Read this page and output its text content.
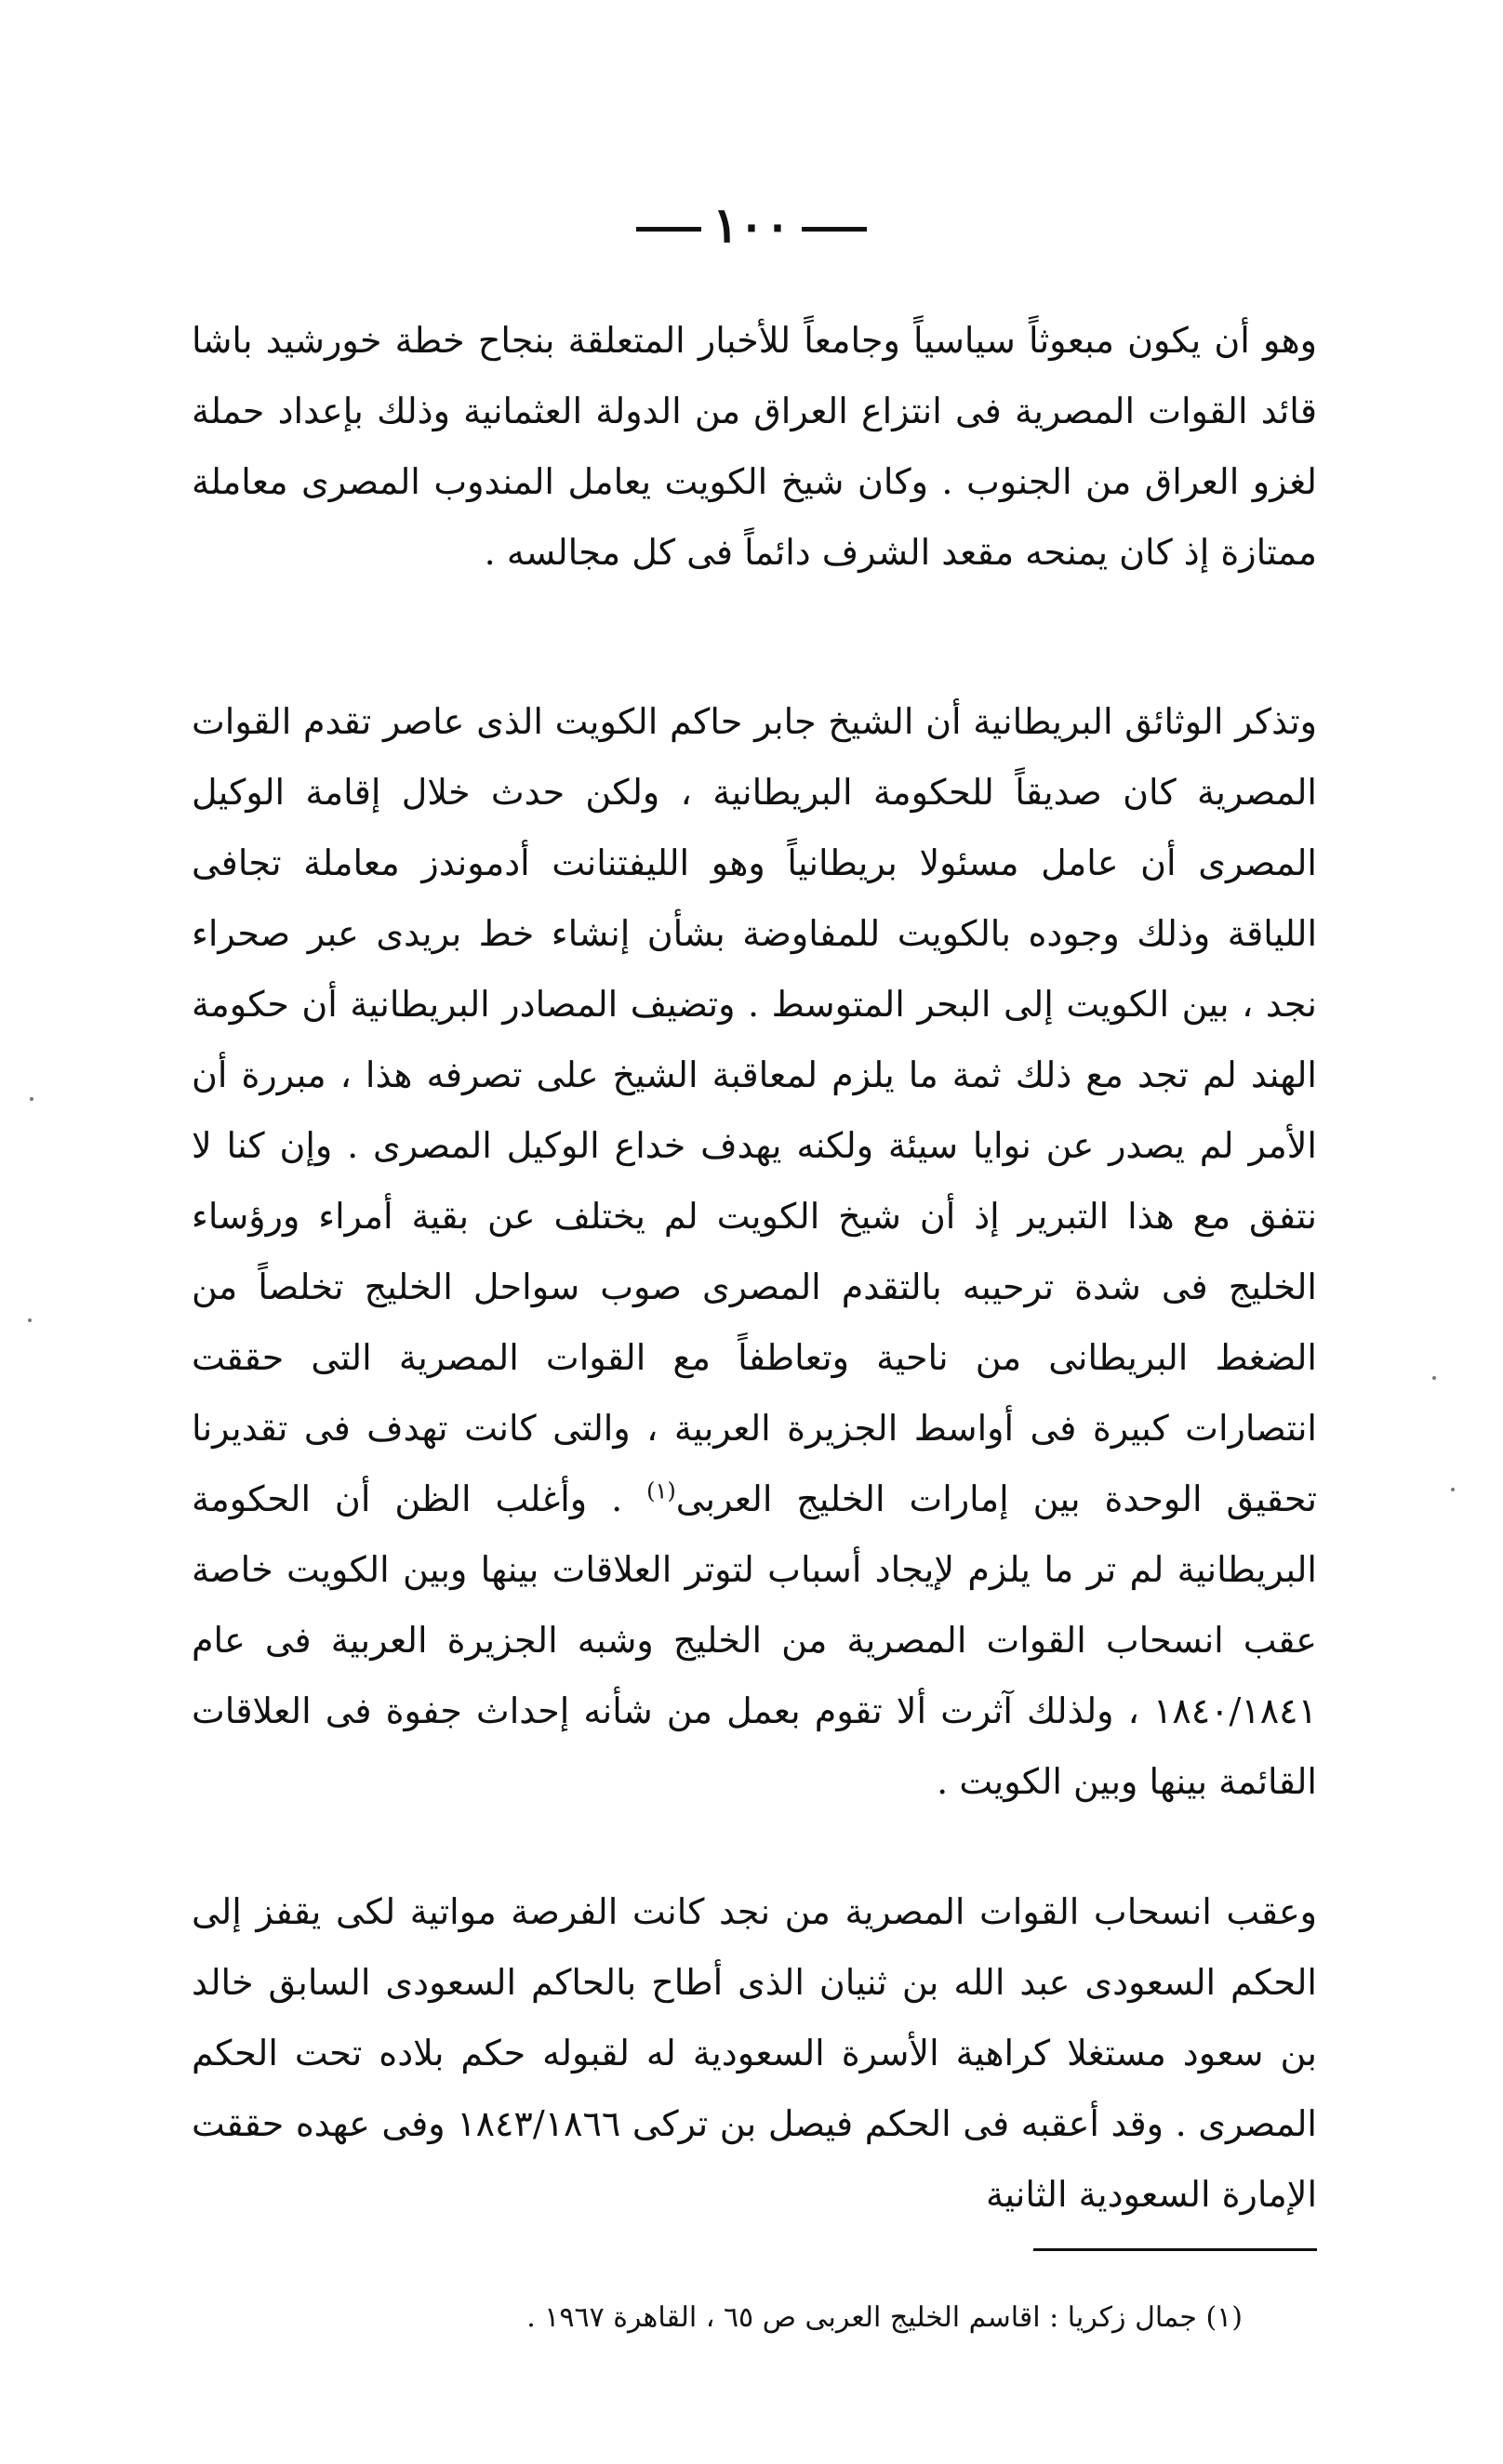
١٠٠

وهو أن يكون مبعوثاً سياسياً وجامعاً للأخبار المتعلقة بنجاح خطة خورشيد باشا قائد القوات المصرية فى انتزاع العراق من الدولة العثمانية وذلك بإعداد حملة لغزو العراق من الجنوب . وكان شيخ الكويت يعامل المندوب المصرى معاملة ممتازة إذ كان يمنحه مقعد الشرف دائماً فى كل مجالسه .

وتذكر الوثائق البريطانية أن الشيخ جابر حاكم الكويت الذى عاصر تقدم القوات المصرية كان صديقاً للحكومة البريطانية ، ولكن حدث خلال إقامة الوكيل المصرى أن عامل مسئولا بريطانياً وهو الليفتنانت أدموندز معاملة تجافى اللياقة وذلك وجوده بالكويت للمفاوضة بشأن إنشاء خط بريدى عبر صحراء نجد ، بين الكويت إلى البحر المتوسط . وتضيف المصادر البريطانية أن حكومة الهند لم تجد مع ذلك ثمة ما يلزم لمعاقبة الشيخ على تصرفه هذا ، مبررة أن الأمر لم يصدر عن نوايا سيئة ولكنه يهدف خداع الوكيل المصرى . وإن كنا لا نتفق مع هذا التبرير إذ أن شيخ الكويت لم يختلف عن بقية أمراء ورؤساء الخليج فى شدة ترحيبه بالتقدم المصرى صوب سواحل الخليج تخلصاً من الضغط البريطانى من ناحية وتعاطفاً مع القوات المصرية التى حققت انتصارات كبيرة فى أواسط الجزيرة العربية ، والتى كانت تهدف فى تقديرنا تحقيق الوحدة بين إمارات الخليج العربى$^{(١)}$ . وأغلب الظن أن الحكومة البريطانية لم تر ما يلزم لإيجاد أسباب لتوتر العلاقات بينها وبين الكويت خاصة عقب انسحاب القوات المصرية من الخليج وشبه الجزيرة العربية فى عام ١٨٤٠/١٨٤١ ، ولذلك آثرت ألا تقوم بعمل من شأنه إحداث جفوة فى العلاقات القائمة بينها وبين الكويت .

وعقب انسحاب القوات المصرية من نجد كانت الفرصة مواتية لكى يقفز إلى الحكم السعودى عبد الله بن ثنيان الذى أطاح بالحاكم السعودى السابق خالد بن سعود مستغلا كراهية الأسرة السعودية له لقبوله حكم بلاده تحت الحكم المصرى . وقد أعقبه فى الحكم فيصل بن تركى ١٨٤٣/١٨٦٦ وفى عهده حققت الإمارة السعودية الثانية

(١) جمال زكريا : اقاسم الخليج العربى ص ٦٥ ، القاهرة ١٩٦٧ .
